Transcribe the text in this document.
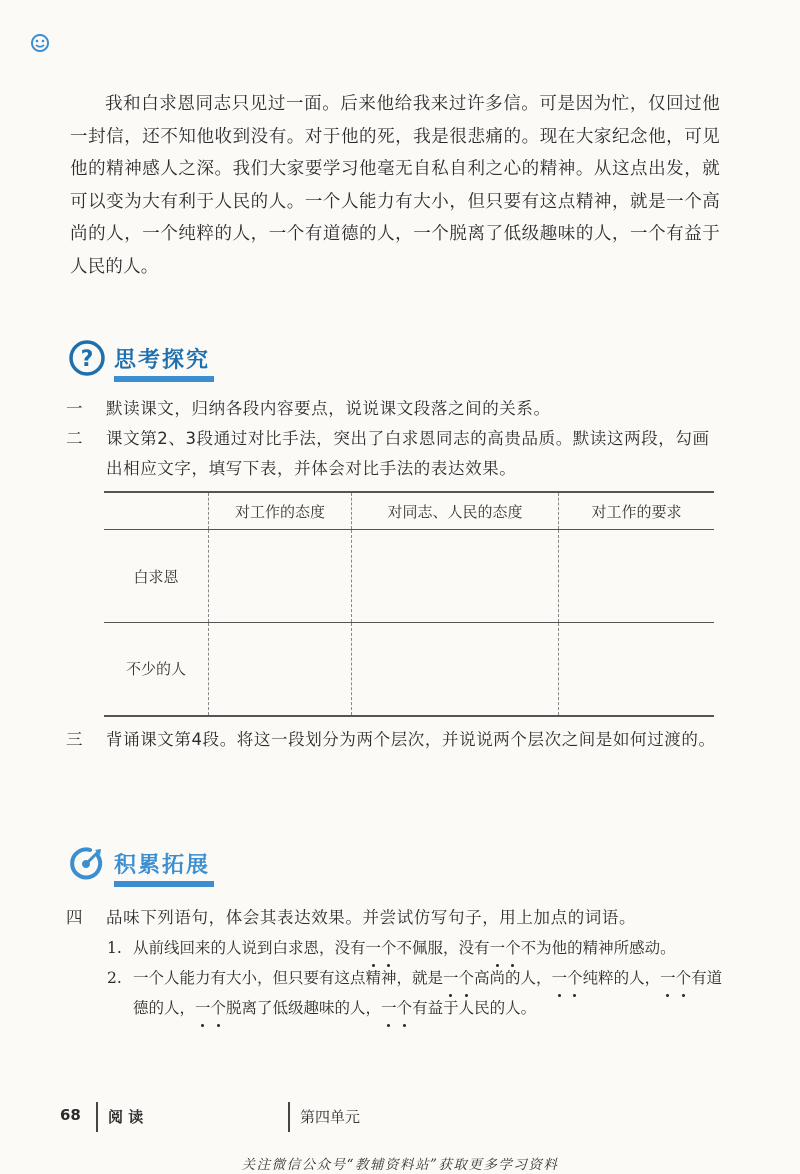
我和白求恩同志只见过一面。后来他给我来过许多信。可是因为忙，仅回过他一封信，还不知他收到没有。对于他的死，我是很悲痛的。现在大家纪念他，可见他的精神感人之深。我们大家要学习他毫无自私自利之心的精神。从这点出发，就可以变为大有利于人民的人。一个人能力有大小，但只要有这点精神，就是一个高尚的人，一个纯粹的人，一个有道德的人，一个脱离了低级趣味的人，一个有益于人民的人。

? 思考探究
一	默读课文，归纳各段内容要点，说说课文段落之间的关系。
二	课文第2、3段通过对比手法，突出了白求恩同志的高贵品质。默读这两段，勾画出相应文字，填写下表，并体会对比手法的表达效果。
	对工作的态度	对同志、人民的态度	对工作的要求
白求恩			
不少的人			
三	背诵课文第4段。将这一段划分为两个层次，并说说两个层次之间是如何过渡的。
积累拓展
四	品味下列语句，体会其表达效果。并尝试仿写句子，用上加点的词语。
1. 从前线回来的人说到白求恩，没有一个不佩服，没有一个不为他的精神所感动。
2. 一个人能力有大小，但只要有这点精神，就是一个高尚的人，一个纯粹的人，一个有道德的人，一个脱离了低级趣味的人，一个有益于人民的人。
68 阅 读	第四单元
关注微信公众号“教辅资料站”获取更多学习资料
